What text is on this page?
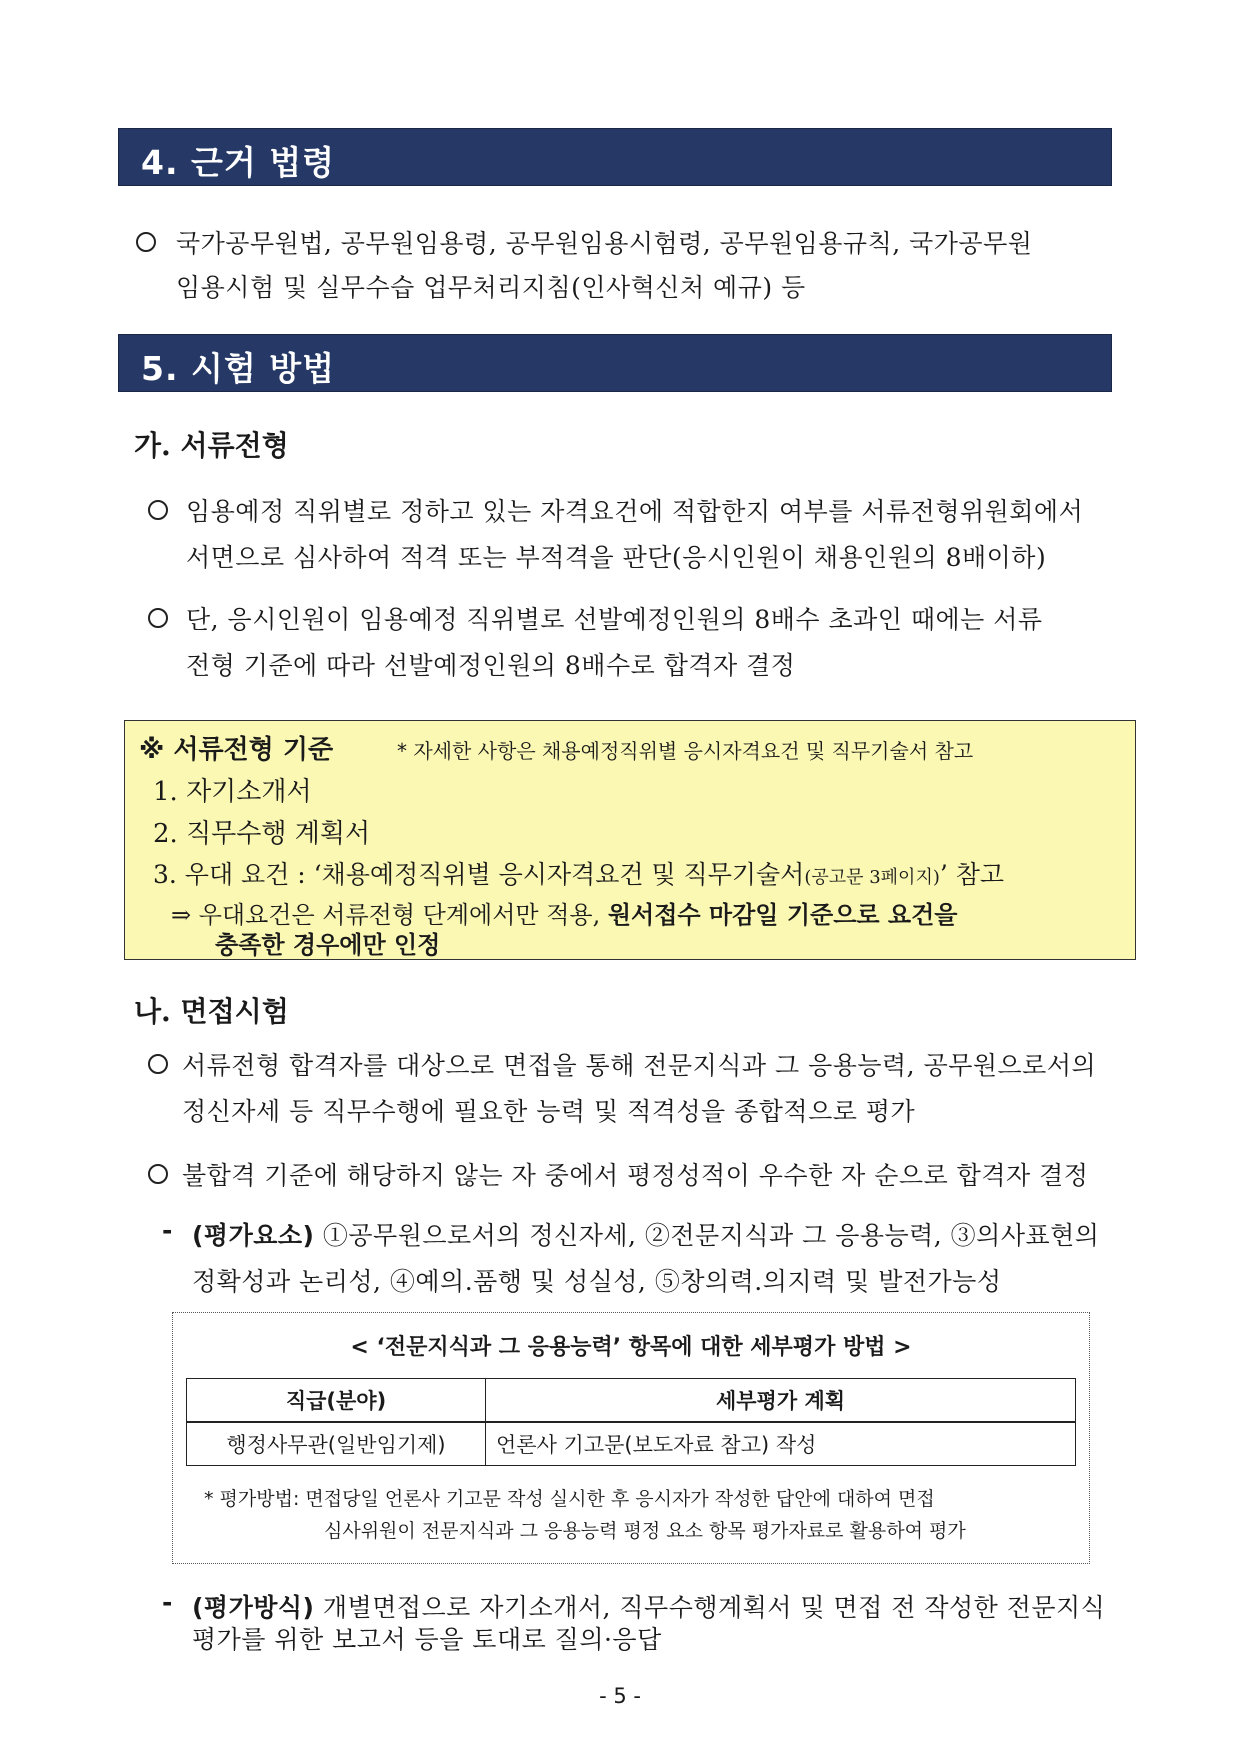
4. 근거 법령
국가공무원법, 공무원임용령, 공무원임용시험령, 공무원임용규칙, 국가공무원
임용시험 및 실무수습 업무처리지침(인사혁신처 예규) 등
5. 시험 방법
가. 서류전형
임용예정 직위별로 정하고 있는 자격요건에 적합한지 여부를 서류전형위원회에서
서면으로 심사하여 적격 또는 부적격을 판단(응시인원이 채용인원의 8배이하)
단, 응시인원이 임용예정 직위별로 선발예정인원의 8배수 초과인 때에는 서류
전형 기준에 따라 선발예정인원의 8배수로 합격자 결정
※ 서류전형 기준	* 자세한 사항은 채용예정직위별 응시자격요건 및 직무기술서 참고
1. 자기소개서
2. 직무수행 계획서
3. 우대 요건 : ‘채용예정직위별 응시자격요건 및 직무기술서(공고문 3페이지)’ 참고
⇒ 우대요건은 서류전형 단계에서만 적용, 원서접수 마감일 기준으로 요건을
충족한 경우에만 인정
나. 면접시험
서류전형 합격자를 대상으로 면접을 통해 전문지식과 그 응용능력, 공무원으로서의
정신자세 등 직무수행에 필요한 능력 및 적격성을 종합적으로 평가
불합격 기준에 해당하지 않는 자 중에서 평정성적이 우수한 자 순으로 합격자 결정
- (평가요소) ①공무원으로서의 정신자세, ②전문지식과 그 응용능력, ③의사표현의
정확성과 논리성, ④예의.품행 및 성실성, ⑤창의력.의지력 및 발전가능성
< ‘전문지식과 그 응용능력’ 항목에 대한 세부평가 방법 >
직급(분야)	세부평가 계획
행정사무관(일반임기제)	언론사 기고문(보도자료 참고) 작성
* 평가방법: 면접당일 언론사 기고문 작성 실시한 후 응시자가 작성한 답안에 대하여 면접
심사위원이 전문지식과 그 응용능력 평정 요소 항목 평가자료로 활용하여 평가
- (평가방식) 개별면접으로 자기소개서, 직무수행계획서 및 면접 전 작성한 전문지식
평가를 위한 보고서 등을 토대로 질의·응답
- 5 -
